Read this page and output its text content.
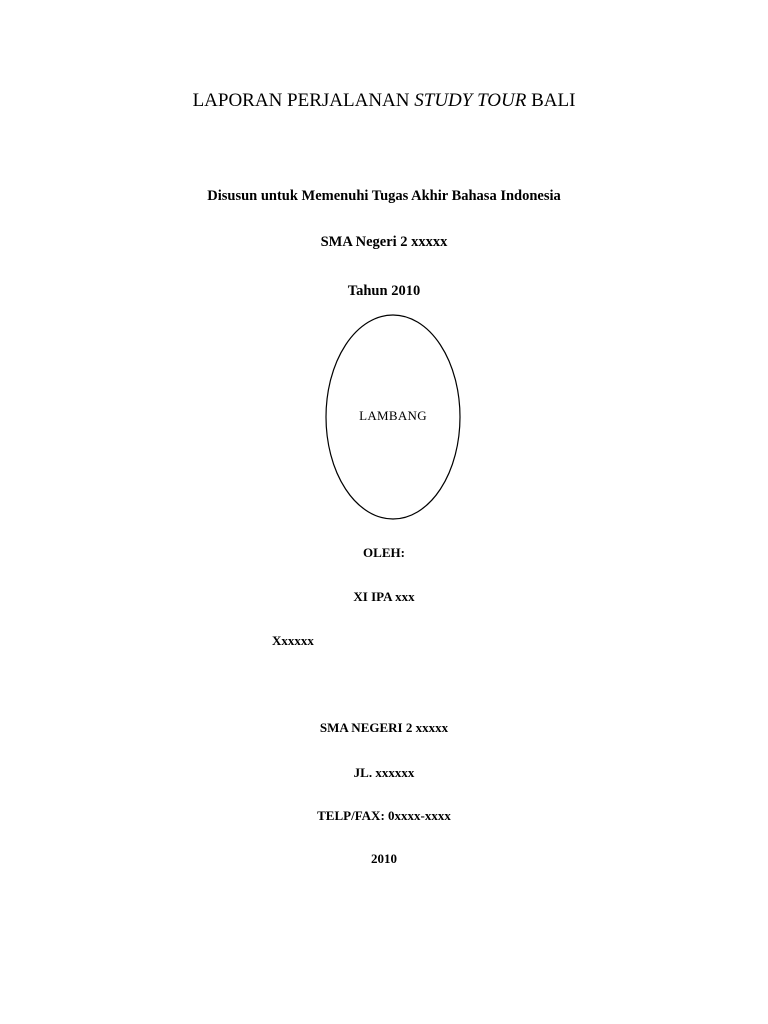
LAPORAN PERJALANAN STUDY TOUR BALI
Disusun untuk Memenuhi Tugas Akhir Bahasa Indonesia
SMA Negeri 2 xxxxx
Tahun 2010
LAMBANG
OLEH:
XI IPA xxx
Xxxxxx
SMA NEGERI 2 xxxxx
JL. xxxxxx
TELP/FAX: 0xxxx-xxxx
2010
